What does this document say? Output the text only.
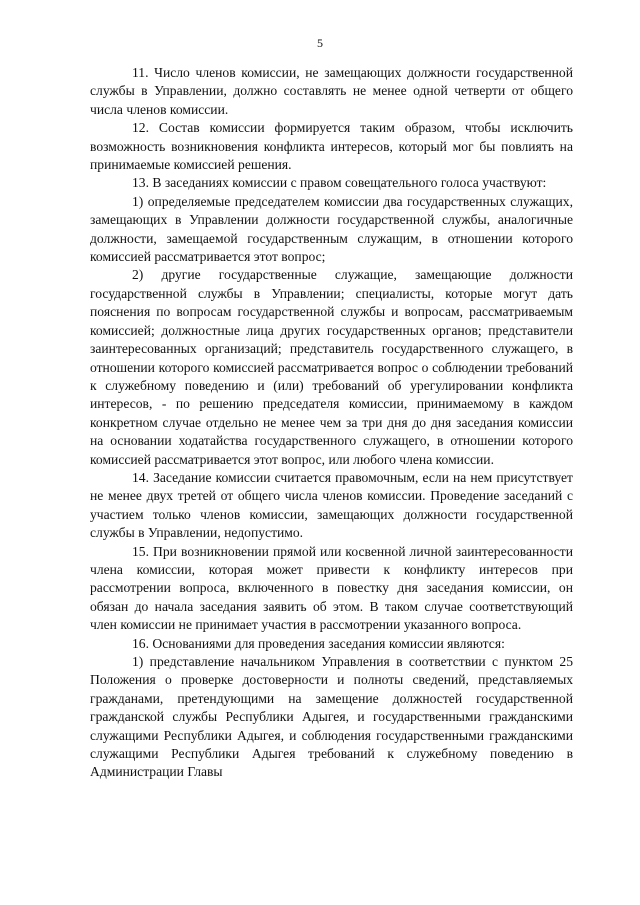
5

11. Число членов комиссии, не замещающих должности государственной службы в Управлении, должно составлять не менее одной четверти от общего числа членов комиссии.

12. Состав комиссии формируется таким образом, чтобы исключить возможность возникновения конфликта интересов, который мог бы повлиять на принимаемые комиссией решения.

13. В заседаниях комиссии с правом совещательного голоса участвуют:

1) определяемые председателем комиссии два государственных служащих, замещающих в Управлении должности государственной службы, аналогичные должности, замещаемой государственным служащим, в отношении которого комиссией рассматривается этот вопрос;

2) другие государственные служащие, замещающие должности государственной службы в Управлении; специалисты, которые могут дать пояснения по вопросам государственной службы и вопросам, рассматриваемым комиссией; должностные лица других государственных органов; представители заинтересованных организаций; представитель государственного служащего, в отношении которого комиссией рассматривается вопрос о соблюдении требований к служебному поведению и (или) требований об урегулировании конфликта интересов, - по решению председателя комиссии, принимаемому в каждом конкретном случае отдельно не менее чем за три дня до дня заседания комиссии на основании ходатайства государственного служащего, в отношении которого комиссией рассматривается этот вопрос, или любого члена комиссии.

14. Заседание комиссии считается правомочным, если на нем присутствует не менее двух третей от общего числа членов комиссии. Проведение заседаний с участием только членов комиссии, замещающих должности государственной службы в Управлении, недопустимо.

15. При возникновении прямой или косвенной личной заинтересованности члена комиссии, которая может привести к конфликту интересов при рассмотрении вопроса, включенного в повестку дня заседания комиссии, он обязан до начала заседания заявить об этом. В таком случае соответствующий член комиссии не принимает участия в рассмотрении указанного вопроса.

16. Основаниями для проведения заседания комиссии являются:

1) представление начальником Управления в соответствии с пунктом 25 Положения о проверке достоверности и полноты сведений, представляемых гражданами, претендующими на замещение должностей государственной гражданской службы Республики Адыгея, и государственными гражданскими служащими Республики Адыгея, и соблюдения государственными гражданскими служащими Республики Адыгея требований к служебному поведению в Администрации Главы
